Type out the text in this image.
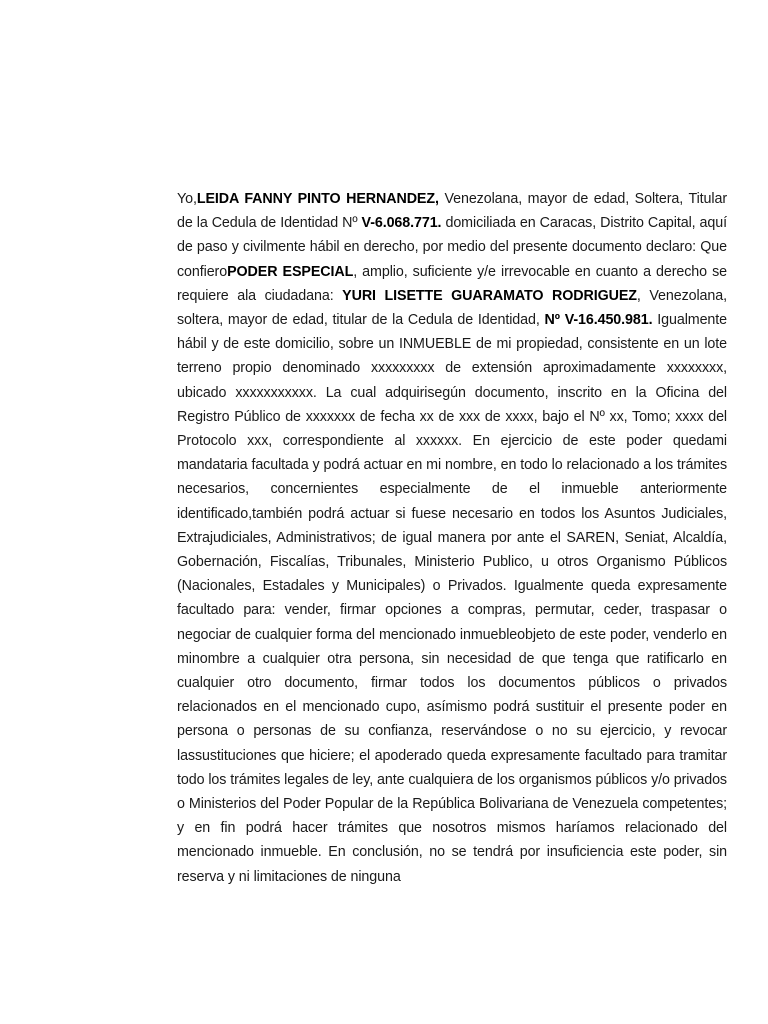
Yo,LEIDA FANNY PINTO HERNANDEZ, Venezolana, mayor de edad, Soltera, Titular de la Cedula de Identidad Nº V-6.068.771. domiciliada en Caracas, Distrito Capital, aquí de paso y civilmente hábil en derecho, por medio del presente documento declaro: Que confieroPODER ESPECIAL, amplio, suficiente y/e irrevocable en cuanto a derecho se requiere ala ciudadana: YURI LISETTE GUARAMATO RODRIGUEZ, Venezolana, soltera, mayor de edad, titular de la Cedula de Identidad, Nº V-16.450.981. Igualmente hábil y de este domicilio, sobre un INMUEBLE de mi propiedad, consistente en un lote terreno propio denominado xxxxxxxxx de extensión aproximadamente xxxxxxxx, ubicado xxxxxxxxxxx. La cual adquirisegún documento, inscrito en la Oficina del Registro Público de xxxxxxx de fecha xx de xxx de xxxx, bajo el Nº xx, Tomo; xxxx del Protocolo xxx, correspondiente al xxxxxx. En ejercicio de este poder quedami mandataria facultada y podrá actuar en mi nombre, en todo lo relacionado a los trámites necesarios, concernientes especialmente de el inmueble anteriormente identificado,también podrá actuar si fuese necesario en todos los Asuntos Judiciales, Extrajudiciales, Administrativos; de igual manera por ante el SAREN, Seniat, Alcaldía, Gobernación, Fiscalías, Tribunales, Ministerio Publico, u otros Organismo Públicos (Nacionales, Estadales y Municipales) o Privados. Igualmente queda expresamente facultado para: vender, firmar opciones a compras, permutar, ceder, traspasar o negociar de cualquier forma del mencionado inmuebleobjeto de este poder, venderlo en minombre a cualquier otra persona, sin necesidad de que tenga que ratificarlo en cualquier otro documento, firmar todos los documentos públicos o privados relacionados en el mencionado cupo, asímismo podrá sustituir el presente poder en persona o personas de su confianza, reservándose o no su ejercicio, y revocar lassustituciones que hiciere; el apoderado queda expresamente facultado para tramitar todo los trámites legales de ley, ante cualquiera de los organismos públicos y/o privados o Ministerios del Poder Popular de la República Bolivariana de Venezuela competentes; y en fin podrá hacer trámites que nosotros mismos haríamos relacionado del mencionado inmueble. En conclusión, no se tendrá por insuficiencia este poder, sin reserva y ni limitaciones de ninguna
